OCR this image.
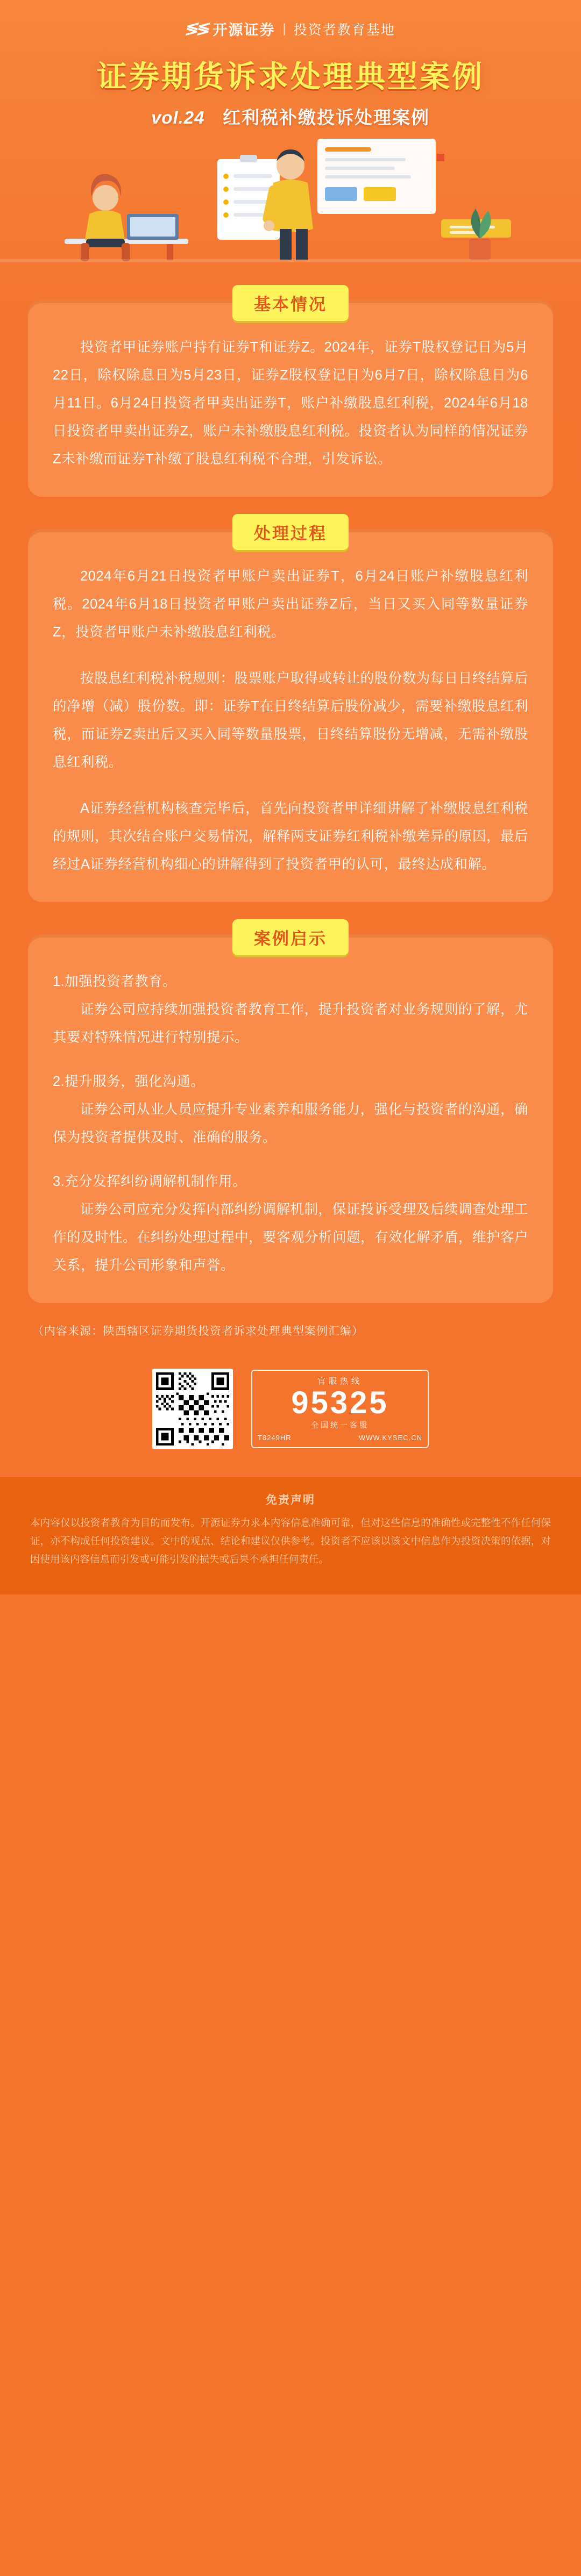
≶≶ 开源证券 | 投资者教育基地
证券期货诉求处理典型案例
vol.24 红利税补缴投诉处理案例
基本情况

投资者甲证券账户持有证券T和证券Z。2024年，证券T股权登记日为5月22日，除权除息日为5月23日，证券Z股权登记日为6月7日，除权除息日为6月11日。6月24日投资者甲卖出证券T，账户补缴股息红利税，2024年6月18日投资者甲卖出证券Z，账户未补缴股息红利税。投资者认为同样的情况证券Z未补缴而证券T补缴了股息红利税不合理，引发诉讼。

处理过程

2024年6月21日投资者甲账户卖出证券T，6月24日账户补缴股息红利税。2024年6月18日投资者甲账户卖出证券Z后，当日又买入同等数量证券Z，投资者甲账户未补缴股息红利税。

按股息红利税补税规则：股票账户取得或转让的股份数为每日日终结算后的净增（减）股份数。即：证券T在日终结算后股份减少，需要补缴股息红利税，而证券Z卖出后又买入同等数量股票，日终结算股份无增减，无需补缴股息红利税。

A证券经营机构核查完毕后，首先向投资者甲详细讲解了补缴股息红利税的规则，其次结合账户交易情况，解释两支证券红利税补缴差异的原因，最后经过A证券经营机构细心的讲解得到了投资者甲的认可，最终达成和解。

案例启示
1.加强投资者教育。
证券公司应持续加强投资者教育工作，提升投资者对业务规则的了解，尤其要对特殊情况进行特别提示。
2.提升服务，强化沟通。
证券公司从业人员应提升专业素养和服务能力，强化与投资者的沟通，确保为投资者提供及时、准确的服务。
3.充分发挥纠纷调解机制作用。
证券公司应充分发挥内部纠纷调解机制，保证投诉受理及后续调查处理工作的及时性。在纠纷处理过程中，要客观分析问题，有效化解矛盾，维护客户关系，提升公司形象和声誉。
（内容来源：陕西辖区证券期货投资者诉求处理典型案例汇编）
官服热线
95325
全国统一客服
T8249HR	WWW.KYSEC.CN
免责声明

本内容仅以投资者教育为目的而发布。开源证券力求本内容信息准确可靠，但对这些信息的准确性或完整性不作任何保证，亦不构成任何投资建议。文中的观点、结论和建议仅供参考。投资者不应该以该文中信息作为投资决策的依据，对因使用该内容信息而引发或可能引发的损失或后果不承担任何责任。
